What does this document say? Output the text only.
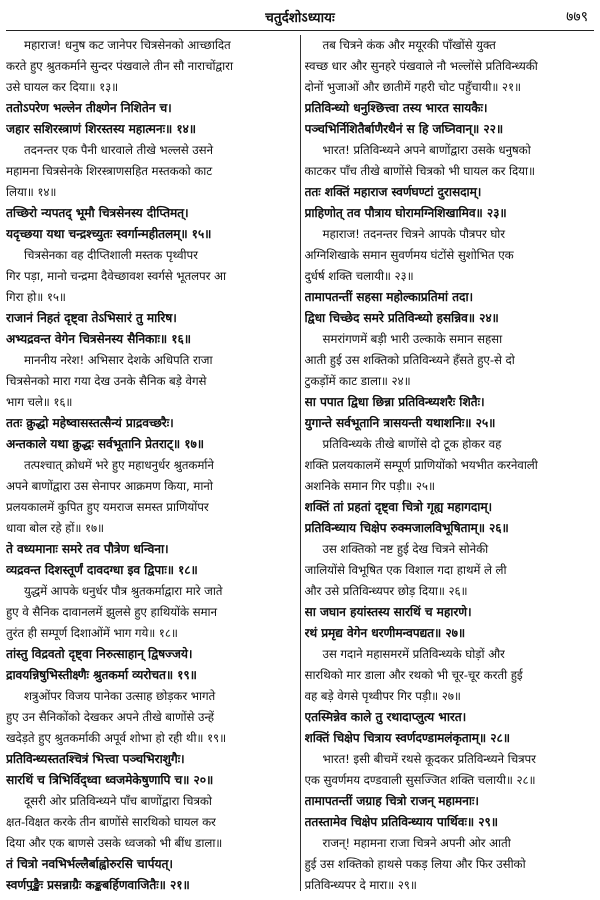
चतुर्दशोऽध्यायः	७७९
महाराज! धनुष कट जानेपर चित्रसेनको आच्छादित
करते हुए श्रुतकर्माने सुन्दर पंखवाले तीन सौ नाराचोंद्वारा
उसे घायल कर दिया॥ १३॥
ततोऽपरेण भल्लेन तीक्ष्णेन निशितेन च।
जहार सशिरस्त्राणं शिरस्तस्य महात्मनः॥ १४॥
तदनन्तर एक पैनी धारवाले तीखे भल्लसे उसने
महामना चित्रसेनके शिरस्त्राणसहित मस्तकको काट
लिया॥ १४॥
तच्छिरो न्यपतद् भूमौ चित्रसेनस्य दीप्तिमत्।
यदृच्छया यथा चन्द्रश्च्युतः स्वर्गान्महीतलम्॥ १५॥
चित्रसेनका वह दीप्तिशाली मस्तक पृथ्वीपर
गिर पड़ा, मानो चन्द्रमा दैवेच्छावश स्वर्गसे भूतलपर आ
गिरा हो॥ १५॥
राजानं निहतं दृष्ट्वा तेऽभिसारं तु मारिष।
अभ्यद्रवन्त वेगेन चित्रसेनस्य सैनिकाः॥ १६॥
माननीय नरेश! अभिसार देशके अधिपति राजा
चित्रसेनको मारा गया देख उनके सैनिक बड़े वेगसे
भाग चले॥ १६॥
ततः क्रुद्धो महेष्वासस्तत्सैन्यं प्राद्रवच्छरैः।
अन्तकाले यथा क्रुद्धः सर्वभूतानि प्रेतराट्॥ १७॥
तत्पश्चात् क्रोधमें भरे हुए महाधनुर्धर श्रुतकर्माने
अपने बाणोंद्वारा उस सेनापर आक्रमण किया, मानो
प्रलयकालमें कुपित हुए यमराज समस्त प्राणियोंपर
धावा बोल रहे हों॥ १७॥
ते वध्यमानाः समरे तव पौत्रेण धन्विना।
व्यद्रवन्त दिशस्तूर्णं दावदग्धा इव द्विपाः॥ १८॥
युद्धमें आपके धनुर्धर पौत्र श्रुतकर्माद्वारा मारे जाते
हुए वे सैनिक दावानलमें झुलसे हुए हाथियोंके समान
तुरंत ही सम्पूर्ण दिशाओंमें भाग गये॥ १८॥
तांस्तु विद्रवतो दृष्ट्वा निरुत्साहान् द्विषज्जये।
द्रावयन्निषुभिस्तीक्ष्णैः श्रुतकर्मा व्यरोचत॥ १९॥
शत्रुओंपर विजय पानेका उत्साह छोड़कर भागते
हुए उन सैनिकोंको देखकर अपने तीखे बाणोंसे उन्हें
खदेड़ते हुए श्रुतकर्माकी अपूर्व शोभा हो रही थी॥ १९॥
प्रतिविन्ध्यस्ततश्चित्रं भित्त्वा पञ्चभिराशुगैः।
सारथिं च त्रिभिर्विद्ध्वा ध्वजमेकेषुणापि च॥ २०॥
दूसरी ओर प्रतिविन्ध्यने पाँच बाणोंद्वारा चित्रको
क्षत-विक्षत करके तीन बाणोंसे सारथिको घायल कर
दिया और एक बाणसे उसके ध्वजको भी बींध डाला॥
तं चित्रो नवभिर्भल्लैर्बाह्वोरुरसि चार्पयत्।
स्वर्णपुङ्खैः प्रसन्नाग्रैः कङ्कबर्हिणवाजितैः॥ २१॥
तब चित्रने कंक और मयूरकी पाँखोंसे युक्त
स्वच्छ धार और सुनहरे पंखवाले नौ भल्लोंसे प्रतिविन्ध्यकी
दोनों भुजाओं और छातीमें गहरी चोट पहुँचायी॥ २१॥
प्रतिविन्ध्यो धनुश्छित्त्वा तस्य भारत सायकैः।
पञ्चभिर्निशितैर्बाणैरथैनं स हि जघ्निवान्॥ २२॥
भारत! प्रतिविन्ध्यने अपने बाणोंद्वारा उसके धनुषको
काटकर पाँच तीखे बाणोंसे चित्रको भी घायल कर दिया॥
ततः शक्तिं महाराज स्वर्णघण्टां दुरासदाम्।
प्राहिणोत् तव पौत्राय घोरामग्निशिखामिव॥ २३॥
महाराज! तदनन्तर चित्रने आपके पौत्रपर घोर
अग्निशिखाके समान सुवर्णमय घंटोंसे सुशोभित एक
दुर्धर्ष शक्ति चलायी॥ २३॥
तामापतन्तीं सहसा महोल्काप्रतिमां तदा।
द्विधा चिच्छेद समरे प्रतिविन्ध्यो हसन्निव॥ २४॥
समरांगणमें बड़ी भारी उल्काके समान सहसा
आती हुई उस शक्तिको प्रतिविन्ध्यने हँसते हुए-से दो
टुकड़ोंमें काट डाला॥ २४॥
सा पपात द्विधा छिन्ना प्रतिविन्ध्यशरैः शितैः।
युगान्ते सर्वभूतानि त्रासयन्ती यथाशनिः॥ २५॥
प्रतिविन्ध्यके तीखे बाणोंसे दो टूक होकर वह
शक्ति प्रलयकालमें सम्पूर्ण प्राणियोंको भयभीत करनेवाली
अशनिके समान गिर पड़ी॥ २५॥
शक्तिं तां प्रहतां दृष्ट्वा चित्रो गृह्य महागदाम्।
प्रतिविन्ध्याय चिक्षेप रुक्मजालविभूषिताम्॥ २६॥
उस शक्तिको नष्ट हुई देख चित्रने सोनेकी
जालियोंसे विभूषित एक विशाल गदा हाथमें ले ली
और उसे प्रतिविन्ध्यपर छोड़ दिया॥ २६॥
सा जघान हयांस्तस्य सारथिं च महारणे।
रथं प्रमृद्य वेगेन धरणीमन्वपद्यत॥ २७॥
उस गदाने महासमरमें प्रतिविन्ध्यके घोड़ों और
सारथिको मार डाला और रथको भी चूर-चूर करती हुई
वह बड़े वेगसे पृथ्वीपर गिर पड़ी॥ २७॥
एतस्मिन्नेव काले तु रथादाप्लुत्य भारत।
शक्तिं चिक्षेप चित्राय स्वर्णदण्डामलंकृताम्॥ २८॥
भारत! इसी बीचमें रथसे कूदकर प्रतिविन्ध्यने चित्रपर
एक सुवर्णमय दण्डवाली सुसज्जित शक्ति चलायी॥ २८॥
तामापतन्तीं जग्राह चित्रो राजन् महामनाः।
ततस्तामेव चिक्षेप प्रतिविन्ध्याय पार्थिवः॥ २९॥
राजन्! महामना राजा चित्रने अपनी ओर आती
हुई उस शक्तिको हाथसे पकड़ लिया और फिर उसीको
प्रतिविन्ध्यपर दे मारा॥ २९॥
